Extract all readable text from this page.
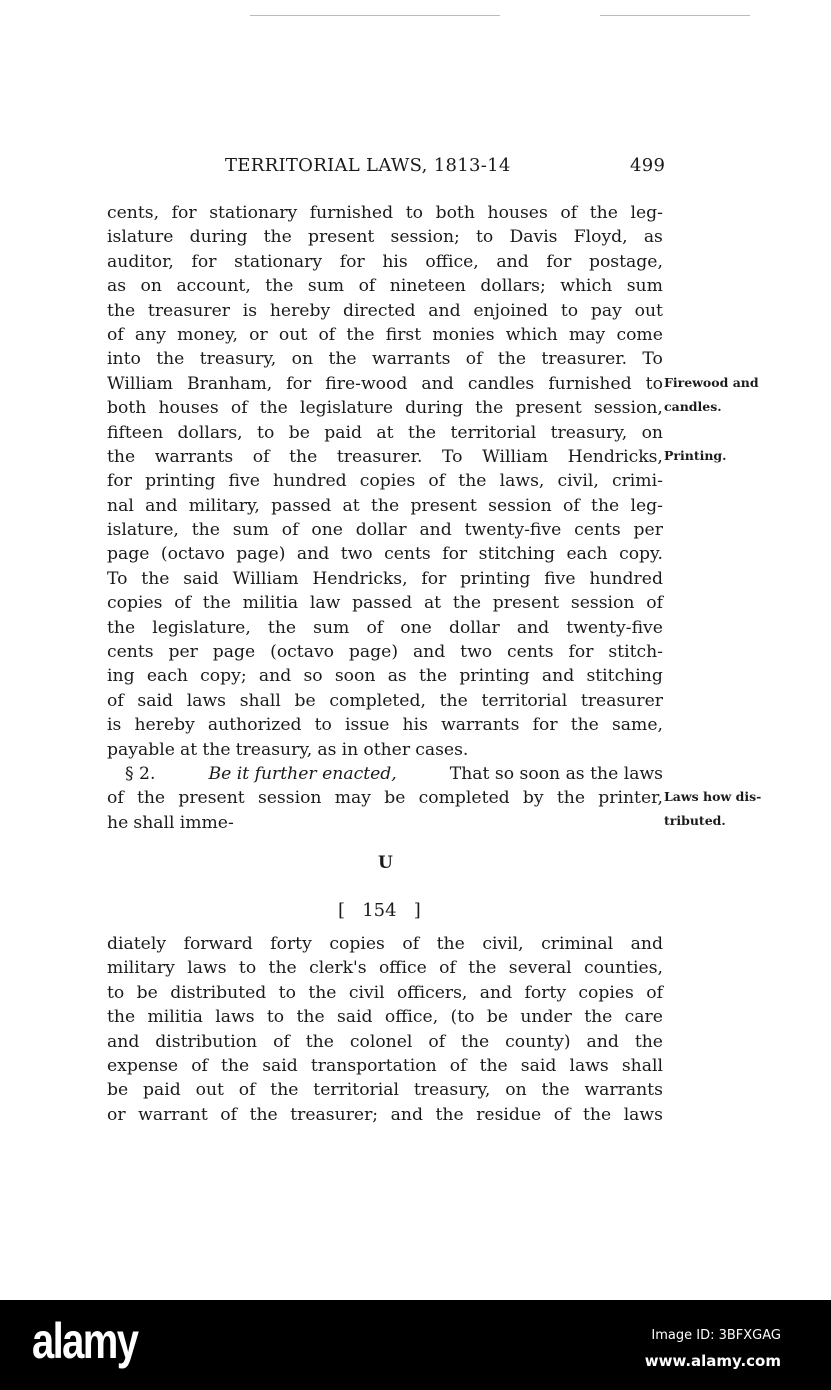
TERRITORIAL LAWS, 1813-14	499
cents, for stationary furnished to both houses of the leg-
islature during the present session; to Davis Floyd, as
auditor, for stationary for his office, and for postage,
as on account, the sum of nineteen dollars; which sum
the treasurer is hereby directed and enjoined to pay out
of any money, or out of the first monies which may come
into the treasury, on the warrants of the treasurer. To
William Branham, for fire-wood and candles furnished to
both houses of the legislature during the present session,
fifteen dollars, to be paid at the territorial treasury, on
the warrants of the treasurer. To William Hendricks,
for printing five hundred copies of the laws, civil, crimi-
nal and military, passed at the present session of the leg-
islature, the sum of one dollar and twenty-five cents per
page (octavo page) and two cents for stitching each copy.
To the said William Hendricks, for printing five hundred
copies of the militia law passed at the present session of
the legislature, the sum of one dollar and twenty-five
cents per page (octavo page) and two cents for stitch-
ing each copy; and so soon as the printing and stitching
of said laws shall be completed, the territorial treasurer
is hereby authorized to issue his warrants for the same,
payable at the treasury, as in other cases.
§ 2.	Be it further enacted,	That so soon as the laws
of the present session may be completed by the printer,
he shall imme-
Firewood and
candles.
Printing.
Laws how dis-
tributed.
U
[   154   ]
diately forward forty copies of the civil, criminal and
military laws to the clerk's office of the several counties,
to be distributed to the civil officers, and forty copies of
the militia laws to the said office, (to be under the care
and distribution of the colonel of the county) and the
expense of the said transportation of the said laws shall
be paid out of the territorial treasury, on the warrants
or warrant of the treasurer; and the residue of the laws
alamy	Image ID: 3BFXGAG
www.alamy.com
